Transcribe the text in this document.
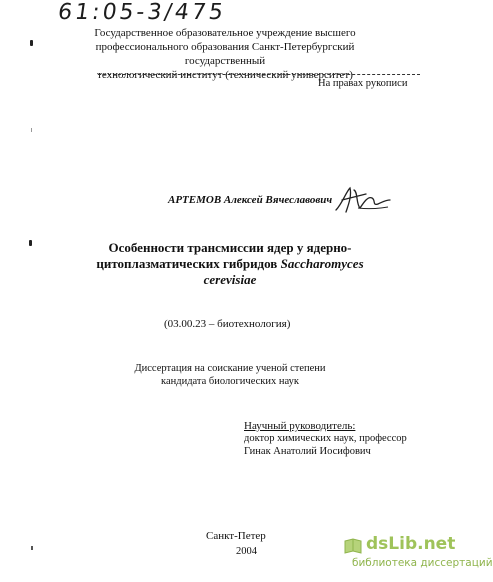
61:05-3/475
Государственное образовательное учреждение высшего
профессионального образования Санкт-Петербургский государственный
технологический институт (технический университет)
На правах рукописи
АРТЕМОВ Алексей Вячеславович
Особенности трансмиссии ядер у ядерно-
цитоплазматических гибридов Saccharomyces cerevisiae
(03.00.23 – биотехнология)
Диссертация на соискание ученой степени
кандидата биологических наук
Научный руководитель:
доктор химических наук, профессор
Гинак Анатолий Иосифович
Санкт-Петер
2004	dsLib.net
библиотека диссертаций
